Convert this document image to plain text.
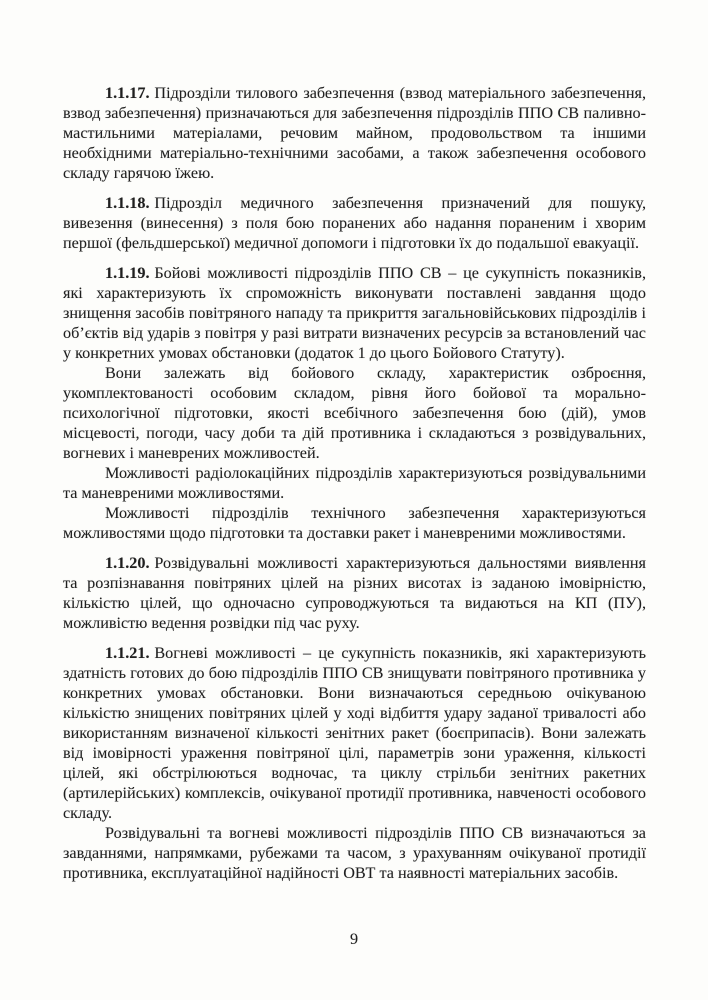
1.1.17. Підрозділи тилового забезпечення (взвод матеріального забезпечення, взвод забезпечення) призначаються для забезпечення підрозділів ППО СВ паливно-мастильними матеріалами, речовим майном, продовольством та іншими необхідними матеріально-технічними засобами, а також забезпечення особового складу гарячою їжею.

1.1.18. Підрозділ медичного забезпечення призначений для пошуку, вивезення (винесення) з поля бою поранених або надання пораненим і хворим першої (фельдшерської) медичної допомоги і підготовки їх до подальшої евакуації.

1.1.19. Бойові можливості підрозділів ППО СВ – це сукупність показників, які характеризують їх спроможність виконувати поставлені завдання щодо знищення засобів повітряного нападу та прикриття загальновійськових підрозділів і об’єктів від ударів з повітря у разі витрати визначених ресурсів за встановлений час у конкретних умовах обстановки (додаток 1 до цього Бойового Статуту).

Вони залежать від бойового складу, характеристик озброєння, укомплектованості особовим складом, рівня його бойової та морально-психологічної підготовки, якості всебічного забезпечення бою (дій), умов місцевості, погоди, часу доби та дій противника і складаються з розвідувальних, вогневих і маневрених можливостей.

Можливості радіолокаційних підрозділів характеризуються розвідувальними та маневреними можливостями.

Можливості підрозділів технічного забезпечення характеризуються можливостями щодо підготовки та доставки ракет і маневреними можливостями.

1.1.20. Розвідувальні можливості характеризуються дальностями виявлення та розпізнавання повітряних цілей на різних висотах із заданою імовірністю, кількістю цілей, що одночасно супроводжуються та видаються на КП (ПУ), можливістю ведення розвідки під час руху.

1.1.21. Вогневі можливості – це сукупність показників, які характеризують здатність готових до бою підрозділів ППО СВ знищувати повітряного противника у конкретних умовах обстановки. Вони визначаються середньою очікуваною кількістю знищених повітряних цілей у ході відбиття удару заданої тривалості або використанням визначеної кількості зенітних ракет (боєприпасів). Вони залежать від імовірності ураження повітряної цілі, параметрів зони ураження, кількості цілей, які обстрілюються водночас, та циклу стрільби зенітних ракетних (артилерійських) комплексів, очікуваної протидії противника, навченості особового складу.

Розвідувальні та вогневі можливості підрозділів ППО СВ визначаються за завданнями, напрямками, рубежами та часом, з урахуванням очікуваної протидії противника, експлуатаційної надійності ОВТ та наявності матеріальних засобів.

9
